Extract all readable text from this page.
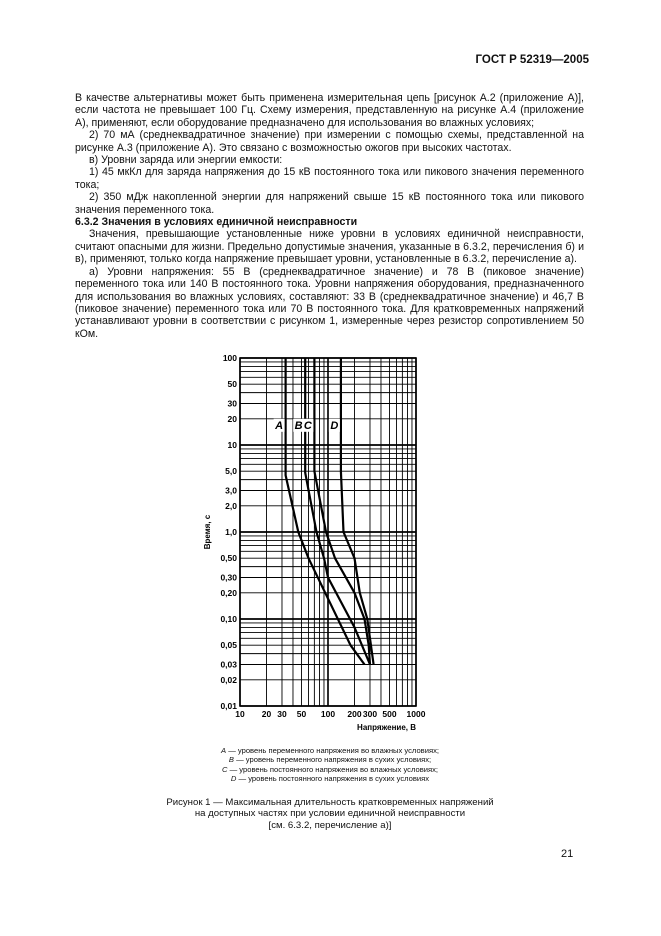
ГОСТ Р 52319—2005

В качестве альтернативы может быть применена измерительная цепь [рисунок А.2 (приложение А)], если частота не превышает 100 Гц. Схему измерения, представленную на рисунке А.4 (приложение А), применяют, если оборудование предназначено для использования во влажных условиях;

2) 70 мА (среднеквадратичное значение) при измерении с помощью схемы, представленной на рисунке А.3 (приложение А). Это связано с возможностью ожогов при высоких частотах.

в) Уровни заряда или энергии емкости:

1) 45 мкКл для заряда напряжения до 15 кВ постоянного тока или пикового значения переменного тока;

2) 350 мДж накопленной энергии для напряжений свыше 15 кВ постоянного тока или пикового значения переменного тока.

6.3.2 Значения в условиях единичной неисправности

Значения, превышающие установленные ниже уровни в условиях единичной неисправности, считают опасными для жизни. Предельно допустимые значения, указанные в 6.3.2, перечисления б) и в), применяют, только когда напряжение превышает уровни, установленные в 6.3.2, перечисление а).

а) Уровни напряжения: 55 В (среднеквадратичное значение) и 78 В (пиковое значение) переменного тока или 140 В постоянного тока. Уровни напряжения оборудования, предназначенного для использования во влажных условиях, составляют: 33 В (среднеквадратичное значение) и 46,7 В (пиковое значение) переменного тока или 70 В постоянного тока. Для кратковременных напряжений устанавливают уровни в соответствии с рисунком 1, измеренные через резистор сопротивлением 50 кОм.

100
50
30
20
10
5,0
3,0
2,0
1,0
0,50
0,30
0,20
0,10
0,05
0,03
0,02
0,01
10 20 30 50 100 200 300 500 1000
Напряжение, В
Время, с
A B C D
A — уровень переменного напряжения во влажных условиях;
B — уровень переменного напряжения в сухих условиях;
C — уровень постоянного напряжения во влажных условиях;
D — уровень постоянного напряжения в сухих условиях
Рисунок 1 — Максимальная длительность кратковременных напряжений
на доступных частях при условии единичной неисправности
[см. 6.3.2, перечисление а)]
21
